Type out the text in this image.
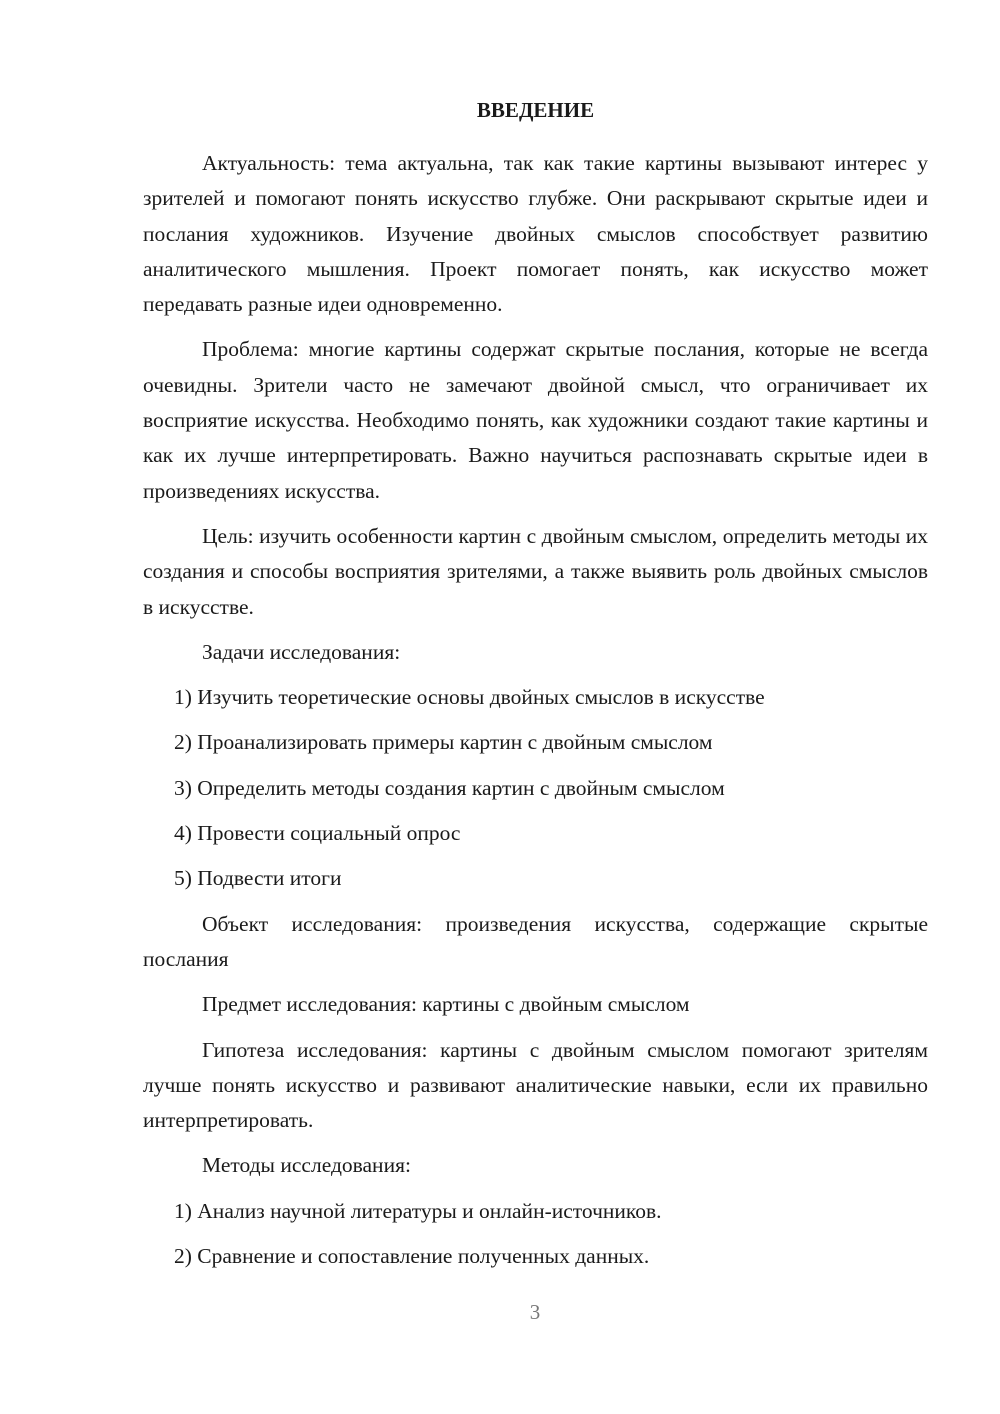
ВВЕДЕНИЕ

Актуальность: тема актуальна, так как такие картины вызывают интерес у зрителей и помогают понять искусство глубже. Они раскрывают скрытые идеи и послания художников. Изучение двойных смыслов способствует развитию аналитического мышления. Проект помогает понять, как искусство может передавать разные идеи одновременно.

Проблема: многие картины содержат скрытые послания, которые не всегда очевидны. Зрители часто не замечают двойной смысл, что ограничивает их восприятие искусства. Необходимо понять, как художники создают такие картины и как их лучше интерпретировать. Важно научиться распознавать скрытые идеи в произведениях искусства.

Цель: изучить особенности картин с двойным смыслом, определить методы их создания и способы восприятия зрителями, а также выявить роль двойных смыслов в искусстве.

Задачи исследования:

1) Изучить теоретические основы двойных смыслов в искусстве

2) Проанализировать примеры картин с двойным смыслом

3) Определить методы создания картин с двойным смыслом

4) Провести социальный опрос

5) Подвести итоги

Объект исследования: произведения искусства, содержащие скрытые послания

Предмет исследования: картины с двойным смыслом

Гипотеза исследования: картины с двойным смыслом помогают зрителям лучше понять искусство и развивают аналитические навыки, если их правильно интерпретировать.

Методы исследования:

1) Анализ научной литературы и онлайн-источников.

2) Сравнение и сопоставление полученных данных.

3
